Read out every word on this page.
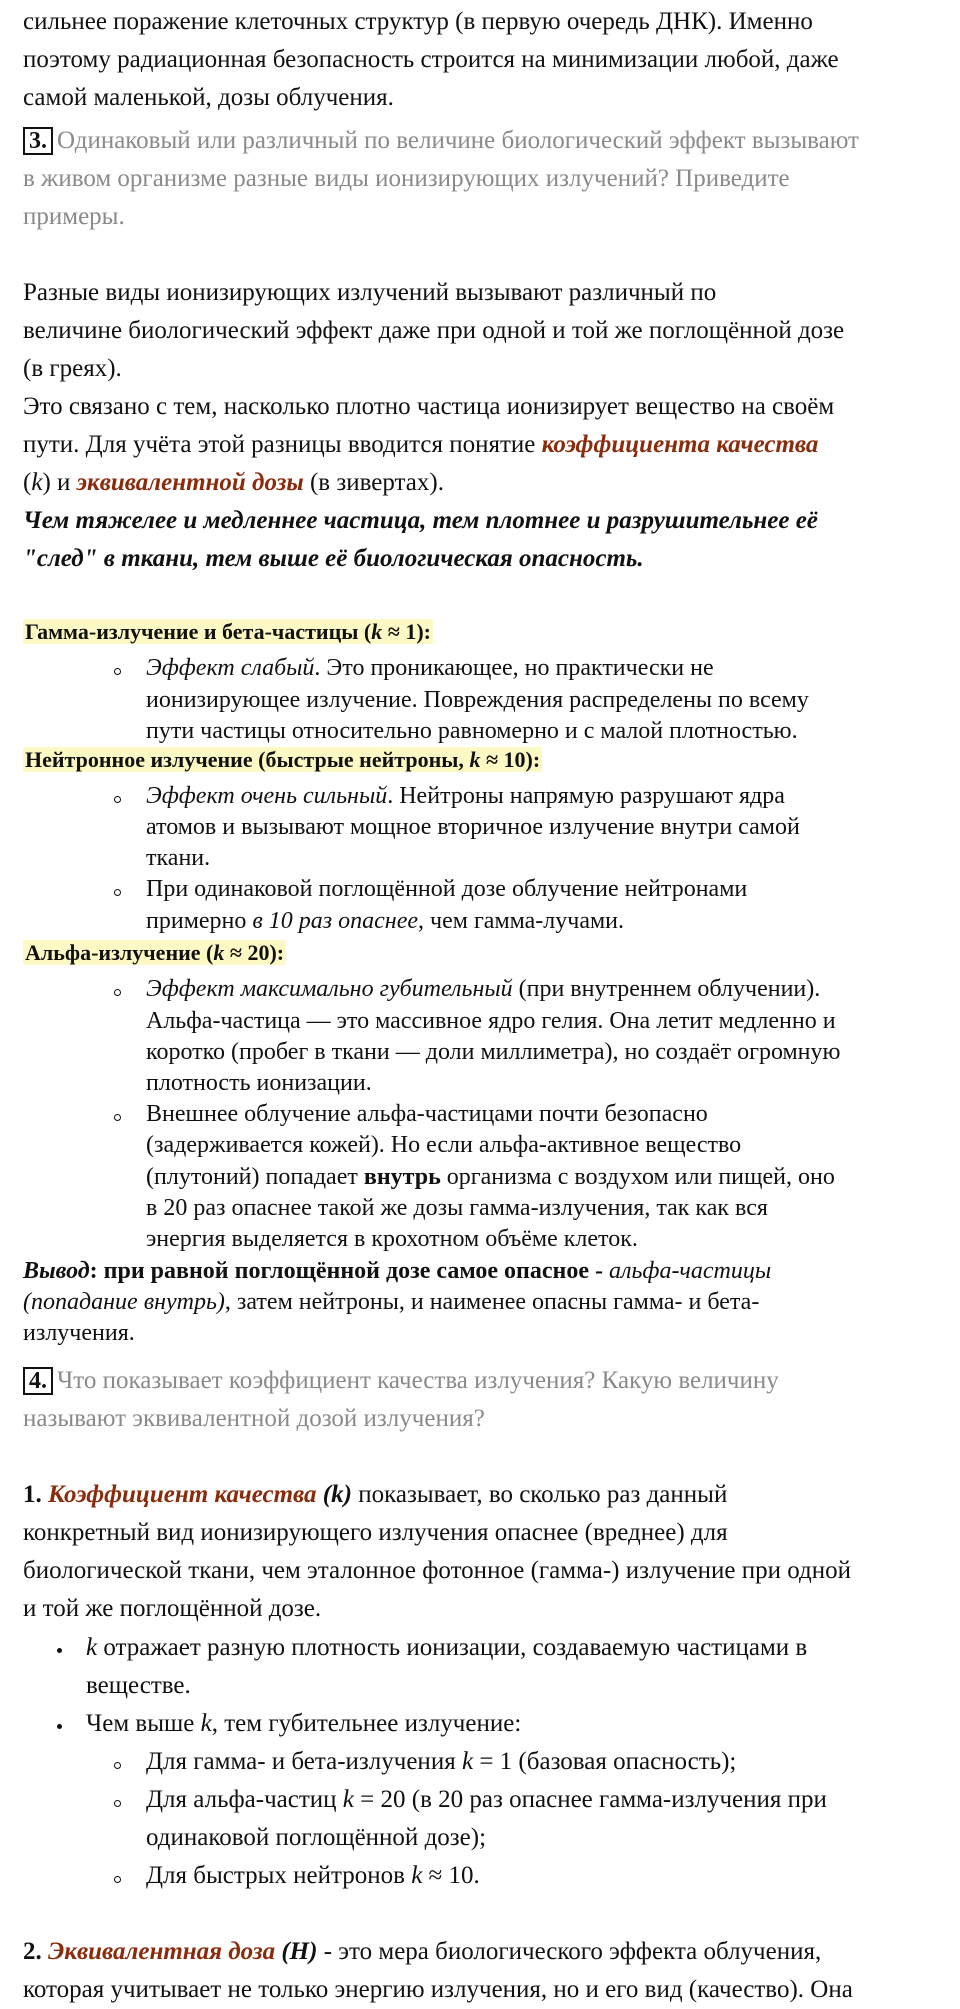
сильнее поражение клеточных структур (в первую очередь ДНК). Именно

поэтому радиационная безопасность строится на минимизации любой, даже

самой маленькой, дозы облучения.

3. Одинаковый или различный по величине биологический эффект вызывают

в живом организме разные виды ионизирующих излучений? Приведите

примеры.

Разные виды ионизирующих излучений вызывают различный по

величине биологический эффект даже при одной и той же поглощённой дозе

(в греях).

Это связано с тем, насколько плотно частица ионизирует вещество на своём

пути. Для учёта этой разницы вводится понятие коэффициента качества

(k) и эквивалентной дозы (в зивертах).

Чем тяжелее и медленнее частица, тем плотнее и разрушительнее её

"след" в ткани, тем выше её биологическая опасность.

Гамма-излучение и бета-частицы (k ≈ 1):

Эффект слабый. Это проникающее, но практически не

ионизирующее излучение. Повреждения распределены по всему

пути частицы относительно равномерно и с малой плотностью.

Нейтронное излучение (быстрые нейтроны, k ≈ 10):

Эффект очень сильный. Нейтроны напрямую разрушают ядра

атомов и вызывают мощное вторичное излучение внутри самой

ткани.

При одинаковой поглощённой дозе облучение нейтронами

примерно в 10 раз опаснее, чем гамма-лучами.

Альфа-излучение (k ≈ 20):

Эффект максимально губительный (при внутреннем облучении).

Альфа-частица — это массивное ядро гелия. Она летит медленно и

коротко (пробег в ткани — доли миллиметра), но создаёт огромную

плотность ионизации.

Внешнее облучение альфа-частицами почти безопасно

(задерживается кожей). Но если альфа-активное вещество

(плутоний) попадает внутрь организма с воздухом или пищей, оно

в 20 раз опаснее такой же дозы гамма-излучения, так как вся

энергия выделяется в крохотном объёме клеток.

Вывод: при равной поглощённой дозе самое опасное - альфа-частицы

(попадание внутрь), затем нейтроны, и наименее опасны гамма- и бета-

излучения.

4. Что показывает коэффициент качества излучения? Какую величину

называют эквивалентной дозой излучения?

1. Коэффициент качества (k) показывает, во сколько раз данный

конкретный вид ионизирующего излучения опаснее (вреднее) для

биологической ткани, чем эталонное фотонное (гамма-) излучение при одной

и той же поглощённой дозе.

k отражает разную плотность ионизации, создаваемую частицами в

веществе.

Чем выше k, тем губительнее излучение:

Для гамма- и бета-излучения k = 1 (базовая опасность);

Для альфа-частиц k = 20 (в 20 раз опаснее гамма-излучения при

одинаковой поглощённой дозе);

Для быстрых нейтронов k ≈ 10.

2. Эквивалентная доза (H) - это мера биологического эффекта облучения,

которая учитывает не только энергию излучения, но и его вид (качество). Она
